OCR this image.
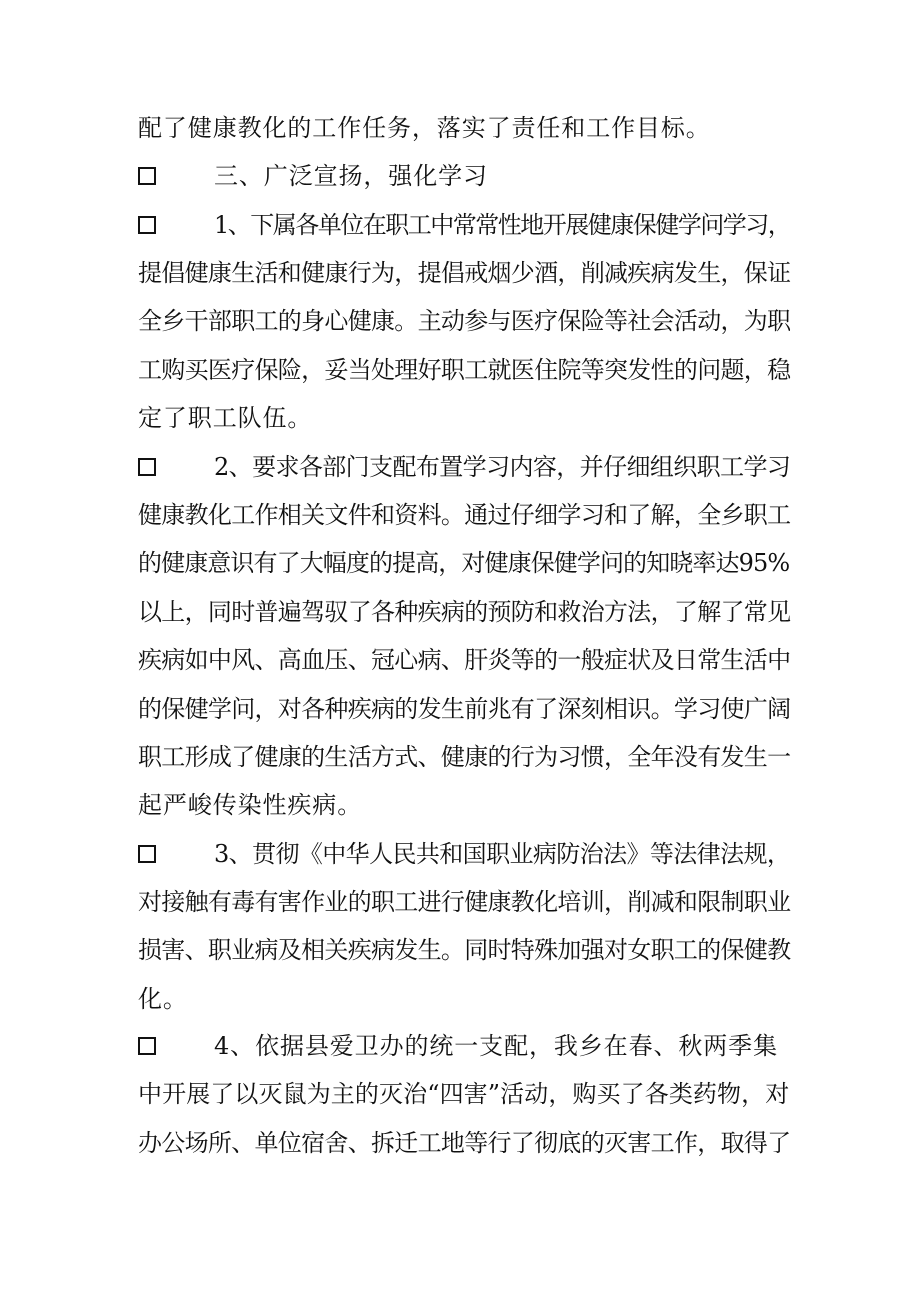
配了健康教化的工作任务，落实了责任和工作目标。
三、广泛宣扬，强化学习
1、下属各单位在职工中常常性地开展健康保健学问学习，
提倡健康生活和健康行为，提倡戒烟少酒，削减疾病发生，保证
全乡干部职工的身心健康。主动参与医疗保险等社会活动，为职
工购买医疗保险，妥当处理好职工就医住院等突发性的问题，稳
定了职工队伍。
2、要求各部门支配布置学习内容，并仔细组织职工学习
健康教化工作相关文件和资料。通过仔细学习和了解，全乡职工
的健康意识有了大幅度的提高，对健康保健学问的知晓率达95%
以上，同时普遍驾驭了各种疾病的预防和救治方法，了解了常见
疾病如中风、高血压、冠心病、肝炎等的一般症状及日常生活中
的保健学问，对各种疾病的发生前兆有了深刻相识。学习使广阔
职工形成了健康的生活方式、健康的行为习惯，全年没有发生一
起严峻传染性疾病。
3、贯彻《中华人民共和国职业病防治法》等法律法规，
对接触有毒有害作业的职工进行健康教化培训，削减和限制职业
损害、职业病及相关疾病发生。同时特殊加强对女职工的保健教
化。
4、依据县爱卫办的统一支配，我乡在春、秋两季集
中开展了以灭鼠为主的灭治“四害”活动，购买了各类药物，对
办公场所、单位宿舍、拆迁工地等行了彻底的灭害工作，取得了
